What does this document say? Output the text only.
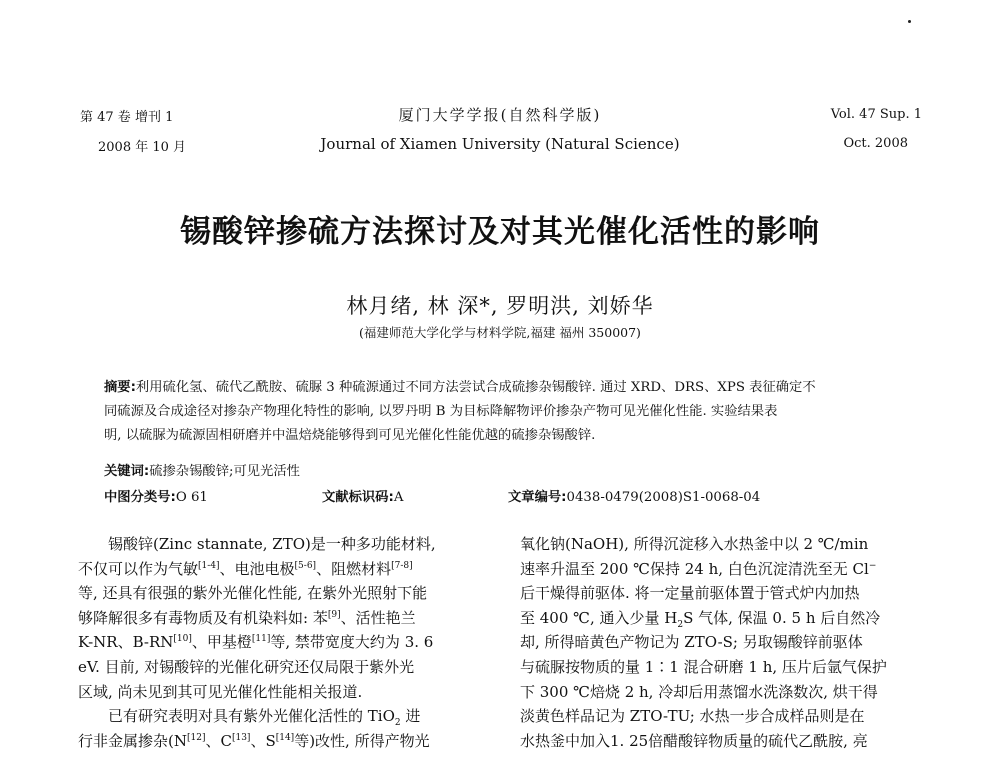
第 47 卷 增刊 1
2008 年 10 月
厦门大学学报(自然科学版)
Journal of Xiamen University (Natural Science)
Vol. 47 Sup. 1
Oct. 2008
锡酸锌掺硫方法探讨及对其光催化活性的影响
林月绪, 林 深*, 罗明洪, 刘娇华
(福建师范大学化学与材料学院,福建 福州 350007)
摘要:利用硫化氢、硫代乙酰胺、硫脲 3 种硫源通过不同方法尝试合成硫掺杂锡酸锌. 通过 XRD、DRS、XPS 表征确定不
同硫源及合成途径对掺杂产物理化特性的影响, 以罗丹明 B 为目标降解物评价掺杂产物可见光催化性能. 实验结果表
明, 以硫脲为硫源固相研磨并中温焙烧能够得到可见光催化性能优越的硫掺杂锡酸锌.
关键词:硫掺杂锡酸锌;可见光活性
中图分类号:O 61	文献标识码:A	文章编号:0438-0479(2008)S1-0068-04

锡酸锌(Zinc stannate, ZTO)是一种多功能材料,

不仅可以作为气敏[1-4]、电池电极[5-6]、阻燃材料[7-8]

等, 还具有很强的紫外光催化性能, 在紫外光照射下能

够降解很多有毒物质及有机染料如: 苯[9]、活性艳兰

K-NR、B-RN[10]、甲基橙[11]等, 禁带宽度大约为 3. 6

eV. 目前, 对锡酸锌的光催化研究还仅局限于紫外光

区域, 尚未见到其可见光催化性能相关报道.

已有研究表明对具有紫外光催化活性的 TiO$_2$ 进

行非金属掺杂(N[12]、C[13]、S[14]等)改性, 所得产物光

氧化钠(NaOH), 所得沉淀移入水热釜中以 2 ℃/min

速率升温至 200 ℃保持 24 h, 白色沉淀清洗至无 Cl−

后干燥得前驱体. 将一定量前驱体置于管式炉内加热

至 400 ℃, 通入少量 $H_2S$ 气体, 保温 0. 5 h 后自然冷

却, 所得暗黄色产物记为 ZTO-S; 另取锡酸锌前驱体

与硫脲按物质的量 1∶1 混合研磨 1 h, 压片后氩气保护

下 300 ℃焙烧 2 h, 冷却后用蒸馏水洗涤数次, 烘干得

淡黄色样品记为 ZTO-TU; 水热一步合成样品则是在

水热釜中加入1. 25倍醋酸锌物质量的硫代乙酰胺, 亮
